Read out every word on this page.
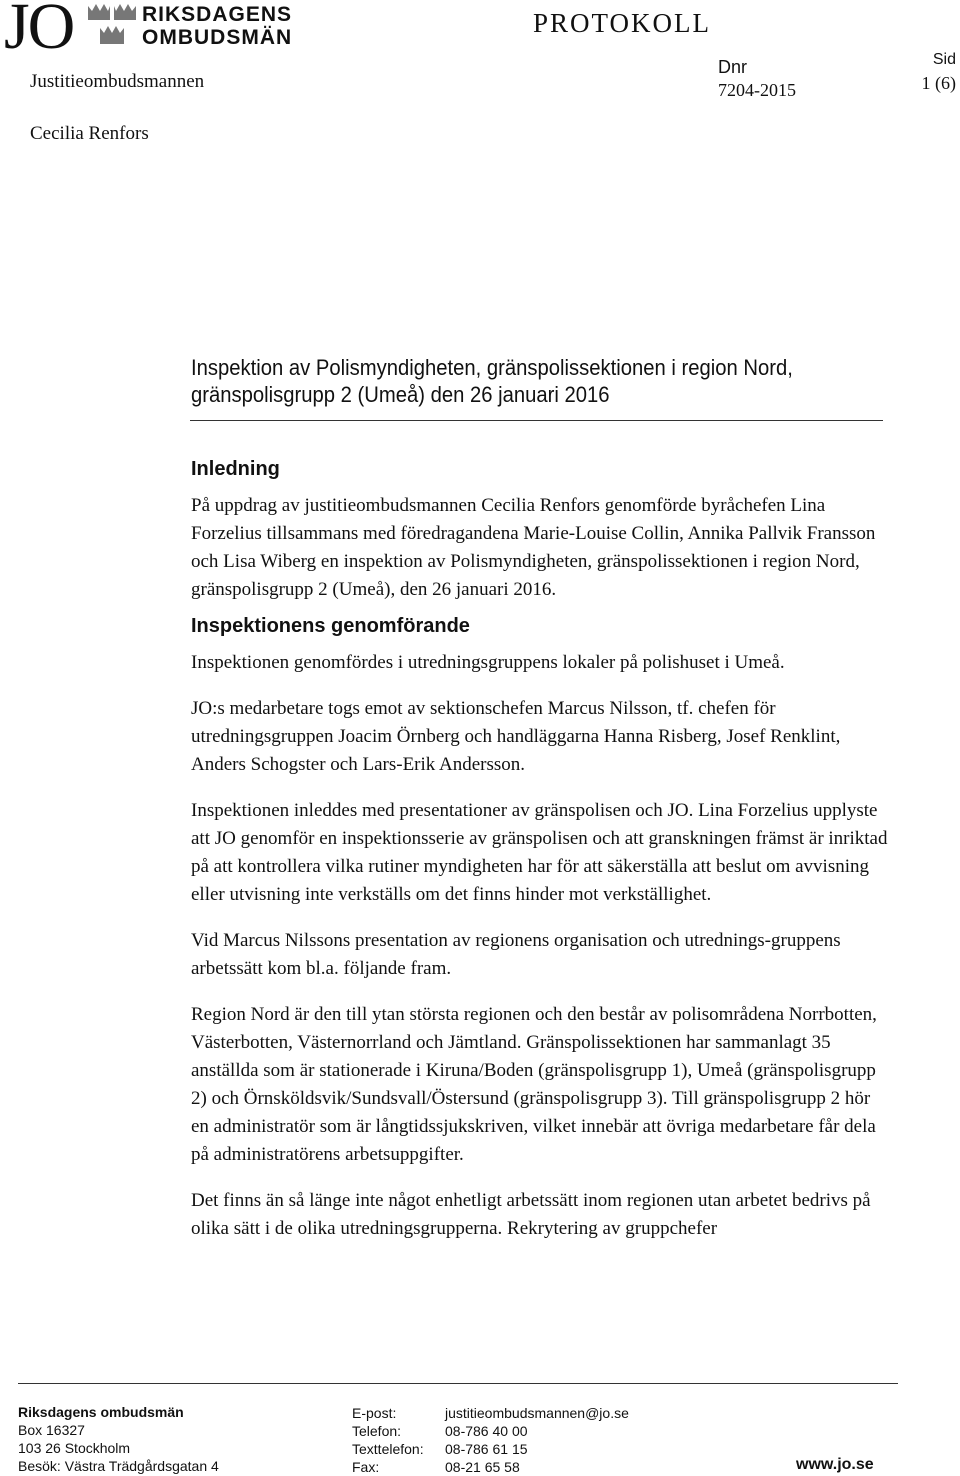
JO	RIKSDAGENS
OMBUDSMÄN
Justitieombudsmannen
Cecilia Renfors
PROTOKOLL
Dnr
7204-2015
Sid
1 (6)
Inspektion av Polismyndigheten, gränspolissektionen i region Nord,
gränspolisgrupp 2 (Umeå) den 26 januari 2016
Inledning

På uppdrag av justitieombudsmannen Cecilia Renfors genomförde byråchefen Lina Forzelius tillsammans med föredragandena Marie-Louise Collin, Annika Pallvik Fransson och Lisa Wiberg en inspektion av Polismyndigheten, gränspolissektionen i region Nord, gränspolisgrupp 2 (Umeå), den 26 januari 2016.

Inspektionens genomförande

Inspektionen genomfördes i utredningsgruppens lokaler på polishuset i Umeå.

JO:s medarbetare togs emot av sektionschefen Marcus Nilsson, tf. chefen för utredningsgruppen Joacim Örnberg och handläggarna Hanna Risberg, Josef Renklint, Anders Schogster och Lars-Erik Andersson.

Inspektionen inleddes med presentationer av gränspolisen och JO. Lina Forzelius upplyste att JO genomför en inspektionsserie av gränspolisen och att granskningen främst är inriktad på att kontrollera vilka rutiner myndigheten har för att säkerställa att beslut om avvisning eller utvisning inte verkställs om det finns hinder mot verkställighet.

Vid Marcus Nilssons presentation av regionens organisation och utrednings-gruppens arbetssätt kom bl.a. följande fram.

Region Nord är den till ytan största regionen och den består av polisområdena Norrbotten, Västerbotten, Västernorrland och Jämtland. Gränspolissektionen har sammanlagt 35 anställda som är stationerade i Kiruna/Boden (gränspolisgrupp 1), Umeå (gränspolisgrupp 2) och Örnsköldsvik/Sundsvall/Östersund (gränspolisgrupp 3). Till gränspolisgrupp 2 hör en administratör som är långtidssjukskriven, vilket innebär att övriga medarbetare får dela på administratörens arbetsuppgifter.

Det finns än så länge inte något enhetligt arbetssätt inom regionen utan arbetet bedrivs på olika sätt i de olika utredningsgrupperna. Rekrytering av gruppchefer

Riksdagens ombudsmän
Box 16327
103 26 Stockholm
Besök: Västra Trädgårdsgatan 4
E-post:	justitieombudsmannen@jo.se
Telefon:	08-786 40 00
Texttelefon:	08-786 61 15
Fax:	08-21 65 58	www.jo.se
